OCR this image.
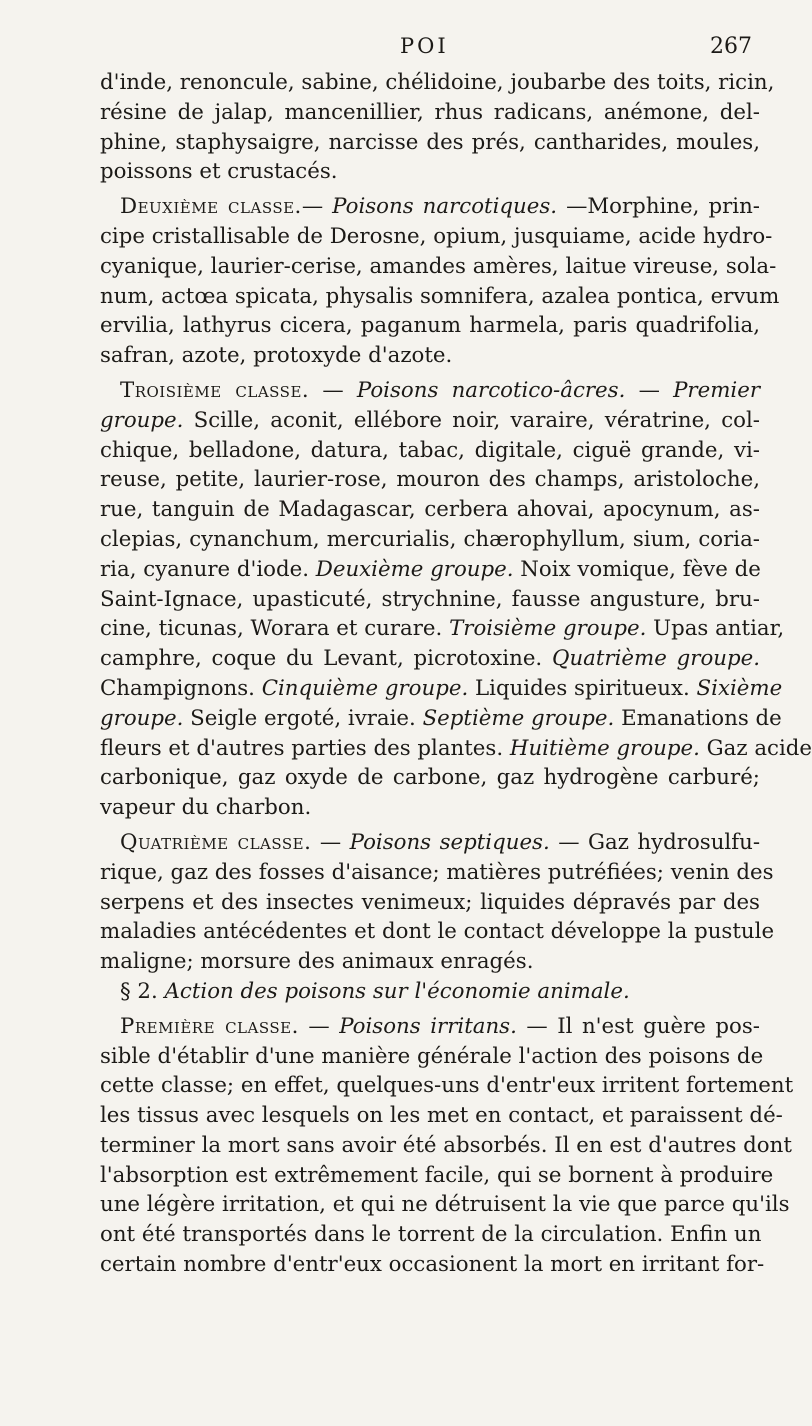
POI	267
d'inde, renoncule, sabine, chélidoine, joubarbe des toits, ricin,
résine de jalap, mancenillier, rhus radicans, anémone, del-
phine, staphysaigre, narcisse des prés, cantharides, moules,
poissons et crustacés.
Deuxième classe.— Poisons narcotiques. —Morphine, prin-
cipe cristallisable de Derosne, opium, jusquiame, acide hydro-
cyanique, laurier-cerise, amandes amères, laitue vireuse, sola-
num, actœa spicata, physalis somnifera, azalea pontica, ervum
ervilia, lathyrus cicera, paganum harmela, paris quadrifolia,
safran, azote, protoxyde d'azote.
Troisième classe. — Poisons narcotico-âcres. — Premier
groupe. Scille, aconit, ellébore noir, varaire, vératrine, col-
chique, belladone, datura, tabac, digitale, ciguë grande, vi-
reuse, petite, laurier-rose, mouron des champs, aristoloche,
rue, tanguin de Madagascar, cerbera ahovai, apocynum, as-
clepias, cynanchum, mercurialis, chærophyllum, sium, coria-
ria, cyanure d'iode. Deuxième groupe. Noix vomique, fève de
Saint-Ignace, upasticuté, strychnine, fausse angusture, bru-
cine, ticunas, Worara et curare. Troisième groupe. Upas antiar,
camphre, coque du Levant, picrotoxine. Quatrième groupe.
Champignons. Cinquième groupe. Liquides spiritueux. Sixième
groupe. Seigle ergoté, ivraie. Septième groupe. Emanations de
fleurs et d'autres parties des plantes. Huitième groupe. Gaz acide
carbonique, gaz oxyde de carbone, gaz hydrogène carburé;
vapeur du charbon.
Quatrième classe. — Poisons septiques. — Gaz hydrosulfu-
rique, gaz des fosses d'aisance; matières putréfiées; venin des
serpens et des insectes venimeux; liquides dépravés par des
maladies antécédentes et dont le contact développe la pustule
maligne; morsure des animaux enragés.
§ 2. Action des poisons sur l'économie animale.
Première classe. — Poisons irritans. — Il n'est guère pos-
sible d'établir d'une manière générale l'action des poisons de
cette classe; en effet, quelques-uns d'entr'eux irritent fortement
les tissus avec lesquels on les met en contact, et paraissent dé-
terminer la mort sans avoir été absorbés. Il en est d'autres dont
l'absorption est extrêmement facile, qui se bornent à produire
une légère irritation, et qui ne détruisent la vie que parce qu'ils
ont été transportés dans le torrent de la circulation. Enfin un
certain nombre d'entr'eux occasionent la mort en irritant for-
